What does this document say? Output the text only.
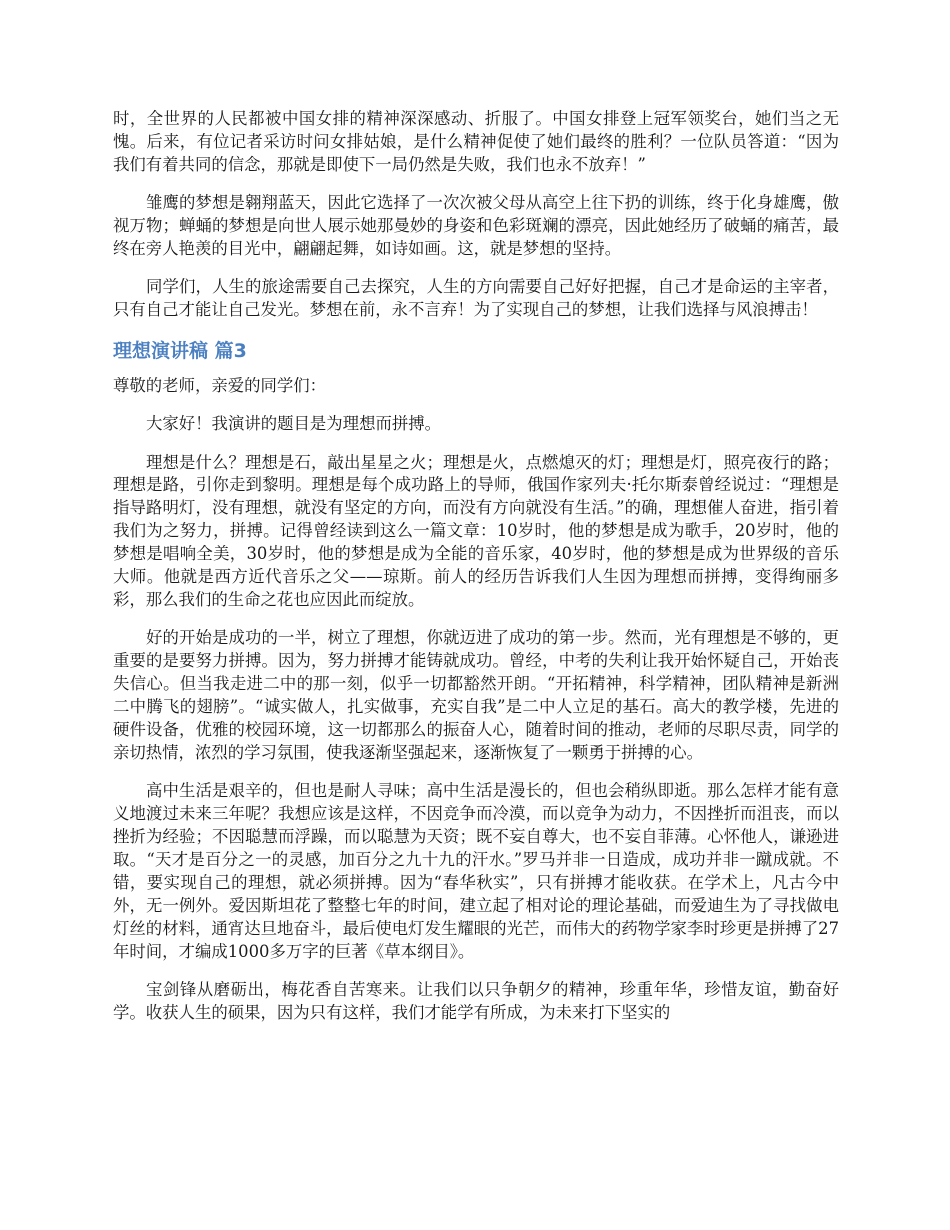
时，全世界的人民都被中国女排的精神深深感动、折服了。中国女排登上冠军领奖台，她们当之无愧。后来，有位记者采访时问女排姑娘，是什么精神促使了她们最终的胜利？一位队员答道：“因为我们有着共同的信念，那就是即使下一局仍然是失败，我们也永不放弃！”

雏鹰的梦想是翱翔蓝天，因此它选择了一次次被父母从高空上往下扔的训练，终于化身雄鹰，傲视万物；蝉蛹的梦想是向世人展示她那曼妙的身姿和色彩斑斓的漂亮，因此她经历了破蛹的痛苦，最终在旁人艳羡的目光中，翩翩起舞，如诗如画。这，就是梦想的坚持。

同学们，人生的旅途需要自己去探究，人生的方向需要自己好好把握，自己才是命运的主宰者，只有自己才能让自己发光。梦想在前，永不言弃！为了实现自己的梦想，让我们选择与风浪搏击！

理想演讲稿 篇3

尊敬的老师，亲爱的同学们：

大家好！我演讲的题目是为理想而拼搏。

理想是什么？理想是石，敲出星星之火；理想是火，点燃熄灭的灯；理想是灯，照亮夜行的路；理想是路，引你走到黎明。理想是每个成功路上的导师，俄国作家列夫·托尔斯泰曾经说过：“理想是指导路明灯，没有理想，就没有坚定的方向，而没有方向就没有生活。”的确，理想催人奋进，指引着我们为之努力，拼搏。记得曾经读到这么一篇文章：10岁时，他的梦想是成为歌手，20岁时，他的梦想是唱响全美，30岁时，他的梦想是成为全能的音乐家，40岁时，他的梦想是成为世界级的音乐大师。他就是西方近代音乐之父——琼斯。前人的经历告诉我们人生因为理想而拼搏，变得绚丽多彩，那么我们的生命之花也应因此而绽放。

好的开始是成功的一半，树立了理想，你就迈进了成功的第一步。然而，光有理想是不够的，更重要的是要努力拼搏。因为，努力拼搏才能铸就成功。曾经，中考的失利让我开始怀疑自己，开始丧失信心。但当我走进二中的那一刻，似乎一切都豁然开朗。“开拓精神，科学精神，团队精神是新洲二中腾飞的翅膀”。“诚实做人，扎实做事，充实自我”是二中人立足的基石。高大的教学楼，先进的硬件设备，优雅的校园环境，这一切都那么的振奋人心，随着时间的推动，老师的尽职尽责，同学的亲切热情，浓烈的学习氛围，使我逐渐坚强起来，逐渐恢复了一颗勇于拼搏的心。

高中生活是艰辛的，但也是耐人寻味；高中生活是漫长的，但也会稍纵即逝。那么怎样才能有意义地渡过未来三年呢？我想应该是这样，不因竞争而冷漠，而以竞争为动力，不因挫折而沮丧，而以挫折为经验；不因聪慧而浮躁，而以聪慧为天资；既不妄自尊大，也不妄自菲薄。心怀他人，谦逊进取。“天才是百分之一的灵感，加百分之九十九的汗水。”罗马并非一日造成，成功并非一蹴成就。不错，要实现自己的理想，就必须拼搏。因为“春华秋实”，只有拼搏才能收获。在学术上，凡古今中外，无一例外。爱因斯坦花了整整七年的时间，建立起了相对论的理论基础，而爱迪生为了寻找做电灯丝的材料，通宵达旦地奋斗，最后使电灯发生耀眼的光芒，而伟大的药物学家李时珍更是拼搏了27年时间，才编成1000多万字的巨著《草本纲目》。

宝剑锋从磨砺出，梅花香自苦寒来。让我们以只争朝夕的精神，珍重年华，珍惜友谊，勤奋好学。收获人生的硕果，因为只有这样，我们才能学有所成，为未来打下坚实的
